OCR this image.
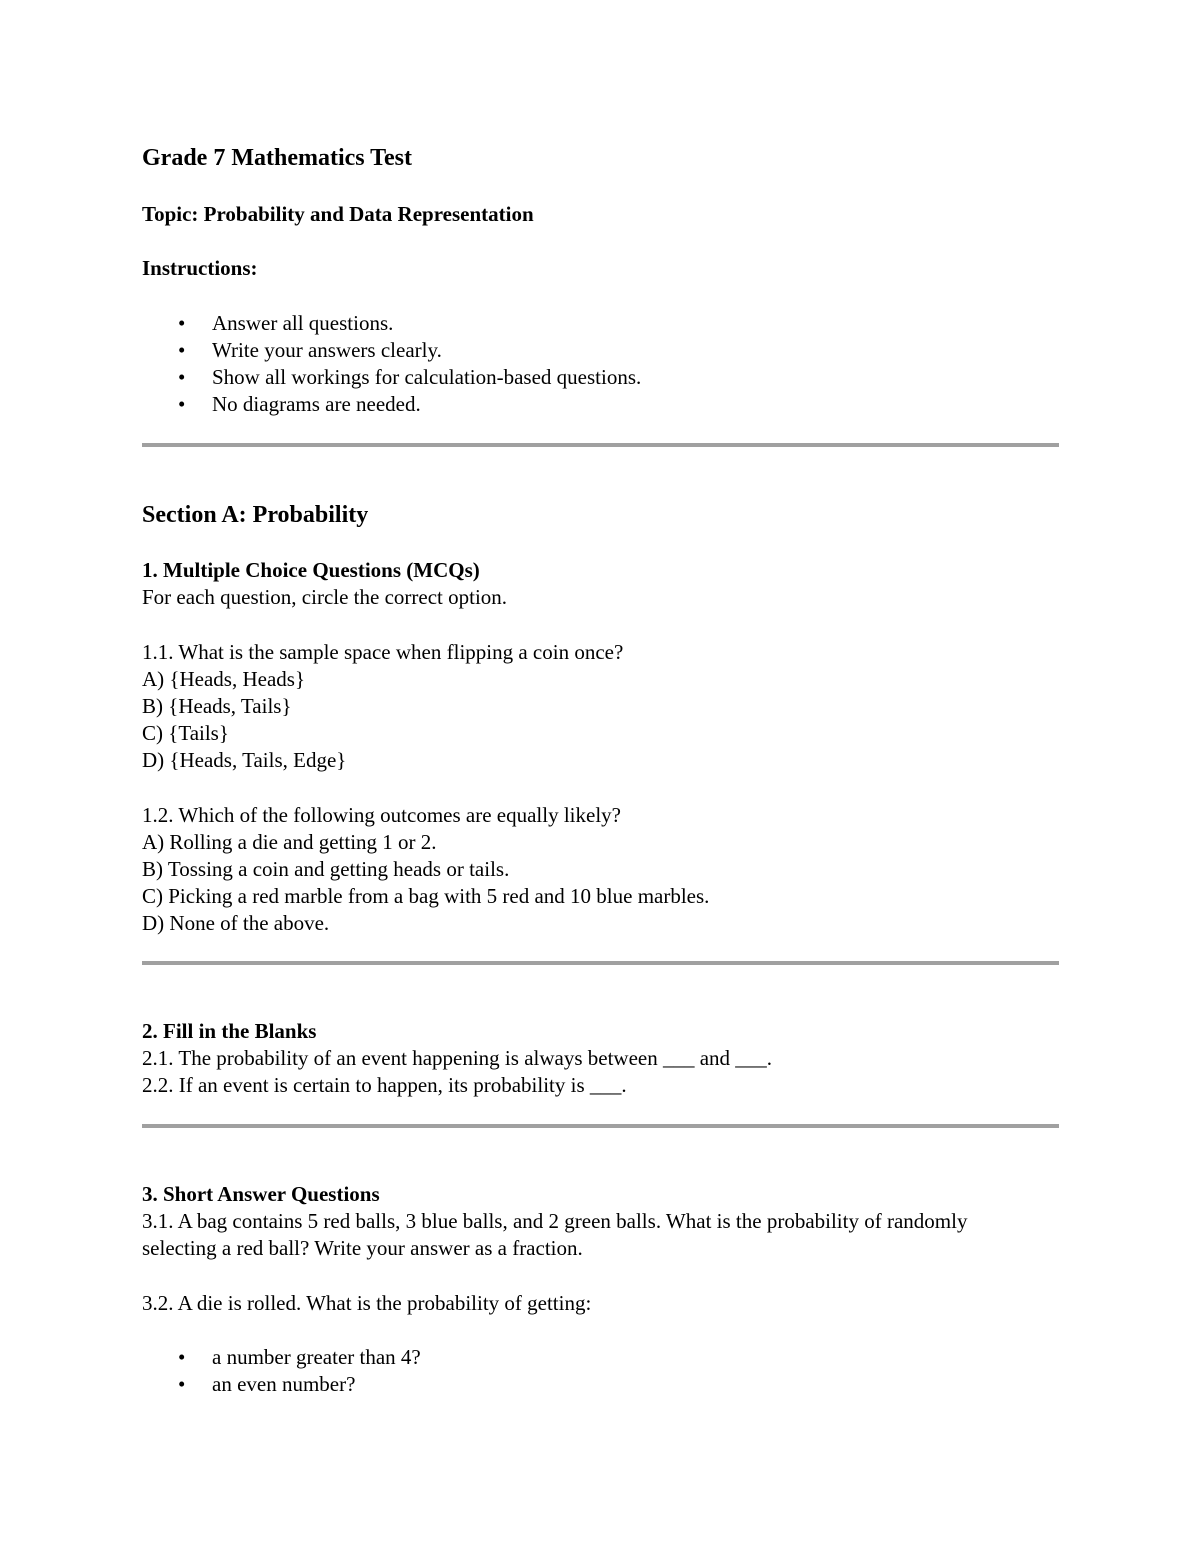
Grade 7 Mathematics Test
Topic: Probability and Data Representation
Instructions:
• Answer all questions.
• Write your answers clearly.
• Show all workings for calculation-based questions.
• No diagrams are needed.
Section A: Probability
1. Multiple Choice Questions (MCQs)
For each question, circle the correct option.
1.1. What is the sample space when flipping a coin once?
A) {Heads, Heads}
B) {Heads, Tails}
C) {Tails}
D) {Heads, Tails, Edge}
1.2. Which of the following outcomes are equally likely?
A) Rolling a die and getting 1 or 2.
B) Tossing a coin and getting heads or tails.
C) Picking a red marble from a bag with 5 red and 10 blue marbles.
D) None of the above.
2. Fill in the Blanks
2.1. The probability of an event happening is always between ___ and ___.
2.2. If an event is certain to happen, its probability is ___.
3. Short Answer Questions
3.1. A bag contains 5 red balls, 3 blue balls, and 2 green balls. What is the probability of randomly selecting a red ball? Write your answer as a fraction.
3.2. A die is rolled. What is the probability of getting:
• a number greater than 4?
• an even number?
